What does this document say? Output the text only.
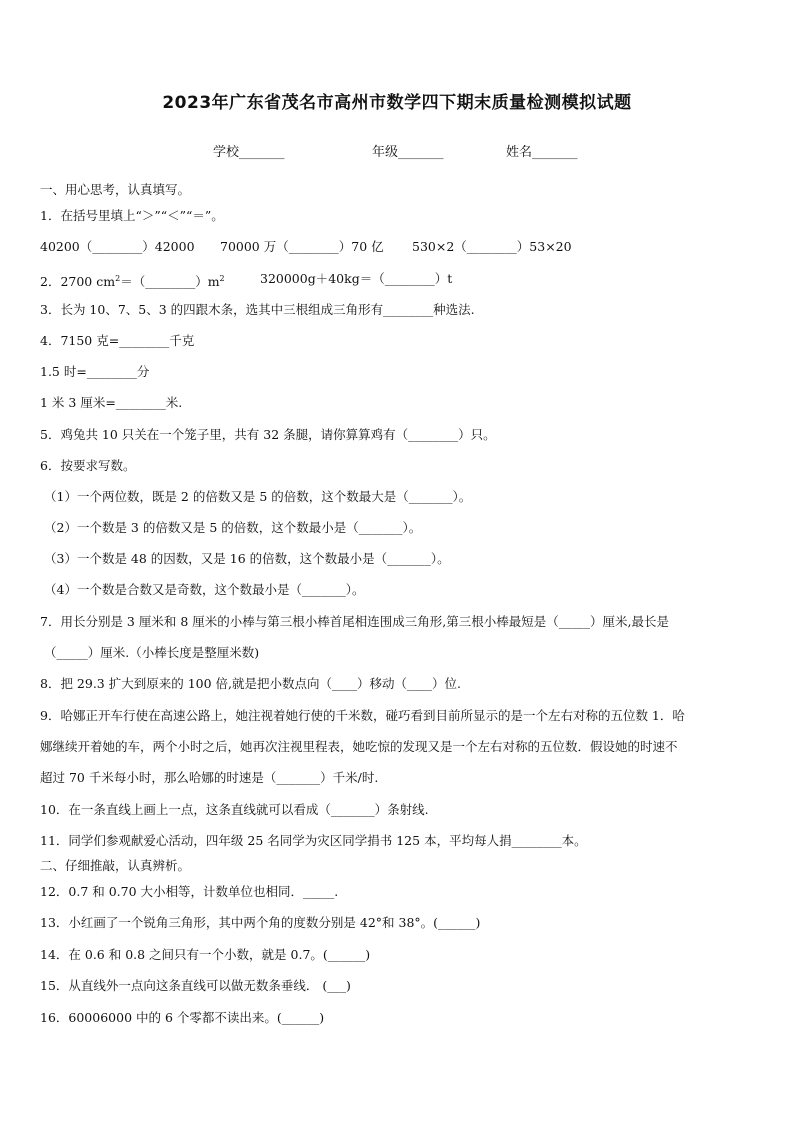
2023年广东省茂名市高州市数学四下期末质量检测模拟试题
学校_______	年级_______	姓名_______
一、用心思考，认真填写。
1．在括号里填上“＞”“＜”“＝”。
40200（________）42000 70000 万（________）70 亿 530×2（________）53×20
2．2700 $cm^2=(\_\_\_\_\_\_\_\_)m^2$	320000g＋40kg＝（________）t
3．长为 10、7、5、3 的四跟木条，选其中三根组成三角形有________种选法.
4．7150 克=________千克
1.5 时=________分
1 米 3 厘米=________米.
5．鸡兔共 10 只关在一个笼子里，共有 32 条腿，请你算算鸡有（________）只。
6．按要求写数。
（1）一个两位数，既是 2 的倍数又是 5 的倍数，这个数最大是（_______）。
（2）一个数是 3 的倍数又是 5 的倍数，这个数最小是（_______）。
（3）一个数是 48 的因数，又是 16 的倍数，这个数最小是（_______）。
（4）一个数是合数又是奇数，这个数最小是（_______）。
7．用长分别是 3 厘米和 8 厘米的小棒与第三根小棒首尾相连围成三角形,第三根小棒最短是（_____）厘米,最长是
（_____）厘米.（小棒长度是整厘米数)
8．把 29.3 扩大到原来的 100 倍,就是把小数点向（____）移动（____）位.
9．哈娜正开车行使在高速公路上，她注视着她行使的千米数，碰巧看到目前所显示的是一个左右对称的五位数 1．哈
娜继续开着她的车，两个小时之后，她再次注视里程表，她吃惊的发现又是一个左右对称的五位数．假设她的时速不
超过 70 千米每小时，那么哈娜的时速是（_______）千米/时.
10．在一条直线上画上一点，这条直线就可以看成（_______）条射线.
11．同学们参观献爱心活动，四年级 25 名同学为灾区同学捐书 125 本，平均每人捐________本。
二、仔细推敲，认真辨析。
12．0.7 和 0.70 大小相等，计数单位也相同．_____.
13．小红画了一个锐角三角形，其中两个角的度数分别是 42°和 38°。(______)
14．在 0.6 和 0.8 之间只有一个小数，就是 0.7。(______)
15．从直线外一点向这条直线可以做无数条垂线． (___)
16．60006000 中的 6 个零都不读出来。(______)
